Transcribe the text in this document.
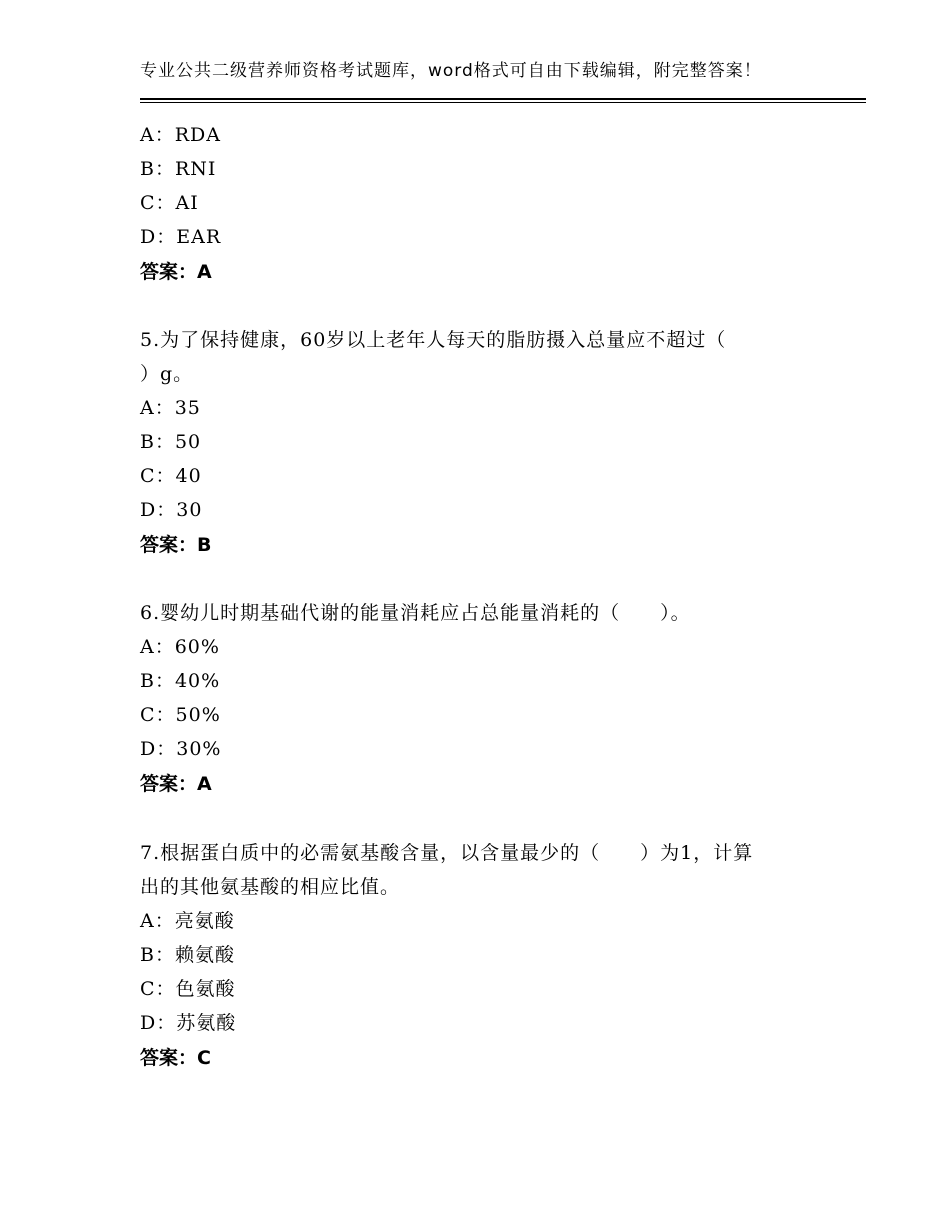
专业公共二级营养师资格考试题库，word格式可自由下载编辑，附完整答案！
A：RDA
B：RNI
C：AI
D：EAR
答案：A
5.为了保持健康，60岁以上老年人每天的脂肪摄入总量应不超过（
）g。
A：35
B：50
C：40
D：30
答案：B
6.婴幼儿时期基础代谢的能量消耗应占总能量消耗的（　　）。
A：60%
B：40%
C：50%
D：30%
答案：A
7.根据蛋白质中的必需氨基酸含量，以含量最少的（　　）为1，计算
出的其他氨基酸的相应比值。
A：亮氨酸
B：赖氨酸
C：色氨酸
D：苏氨酸
答案：C
